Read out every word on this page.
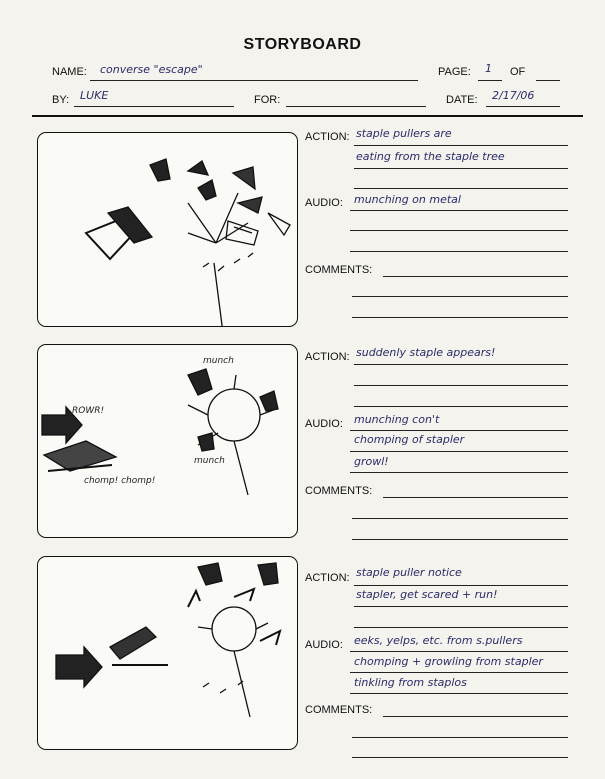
STORYBOARD
NAME: converse "escape"	PAGE: 1 OF
BY: LUKE	FOR:	DATE: 2/17/06
ACTION: staple pullers are
eating from the staple tree
AUDIO: munching on metal
COMMENTS:
munch
ROWR!
chomp! chomp!
munch
ACTION: suddenly staple appears!
AUDIO: munching con't
chomping of stapler
growl!
COMMENTS:
ACTION: staple puller notice
stapler, get scared + run!
AUDIO: eeks, yelps, etc. from s.pullers
chomping + growling from stapler
tinkling from staplos
COMMENTS:
